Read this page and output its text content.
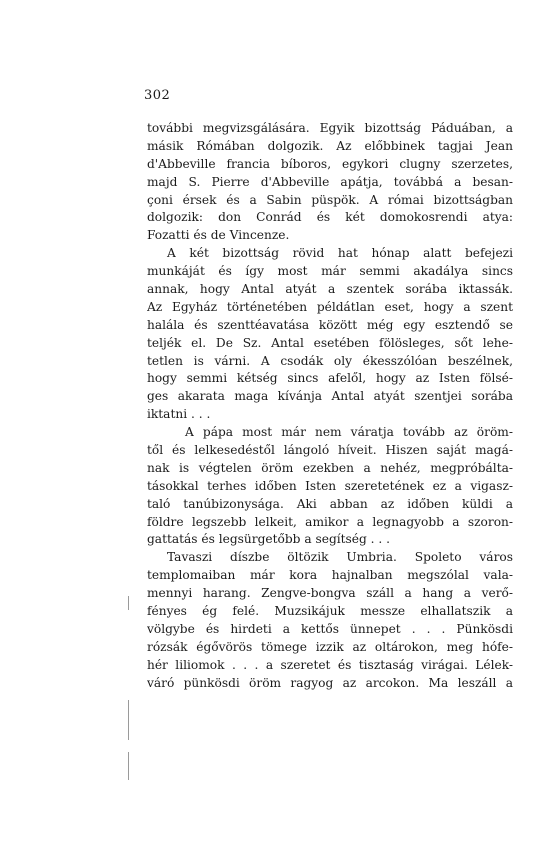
302
további megvizsgálására. Egyik bizottság Páduában, a
másik Rómában dolgozik. Az előbbinek tagjai Jean
d'Abbeville francia bíboros, egykori clugny szerzetes,
majd S. Pierre d'Abbeville apátja, továbbá a besan-
çoni érsek és a Sabin püspök. A római bizottságban
dolgozik: don Conrád és két domokosrendi atya:
Fozatti és de Vincenze.
A két bizottság rövid hat hónap alatt befejezi
munkáját és így most már semmi akadálya sincs
annak, hogy Antal atyát a szentek sorába iktassák.
Az Egyház történetében példátlan eset, hogy a szent
halála és szenttéavatása között még egy esztendő se
teljék el. De Sz. Antal esetében fölösleges, sőt lehe-
tetlen is várni. A csodák oly ékesszólóan beszélnek,
hogy semmi kétség sincs afelől, hogy az Isten fölsé-
ges akarata maga kívánja Antal atyát szentjei sorába
iktatni . . .
A pápa most már nem váratja tovább az öröm-
től és lelkesedéstől lángoló híveit. Hiszen saját magá-
nak is végtelen öröm ezekben a nehéz, megpróbálta-
tásokkal terhes időben Isten szeretetének ez a vigasz-
taló tanúbizonysága. Aki abban az időben küldi a
földre legszebb lelkeit, amikor a legnagyobb a szoron-
gattatás és legsürgetőbb a segítség . . .
Tavaszi díszbe öltözik Umbria. Spoleto város
templomaiban már kora hajnalban megszólal vala-
mennyi harang. Zengve-bongva száll a hang a verő-
fényes ég felé. Muzsikájuk messze elhallatszik a
völgybe és hirdeti a kettős ünnepet . . . Pünkösdi
rózsák égővörös tömege izzik az oltárokon, meg hófe-
hér liliomok . . . a szeretet és tisztaság virágai. Lélek-
váró pünkösdi öröm ragyog az arcokon. Ma leszáll a
